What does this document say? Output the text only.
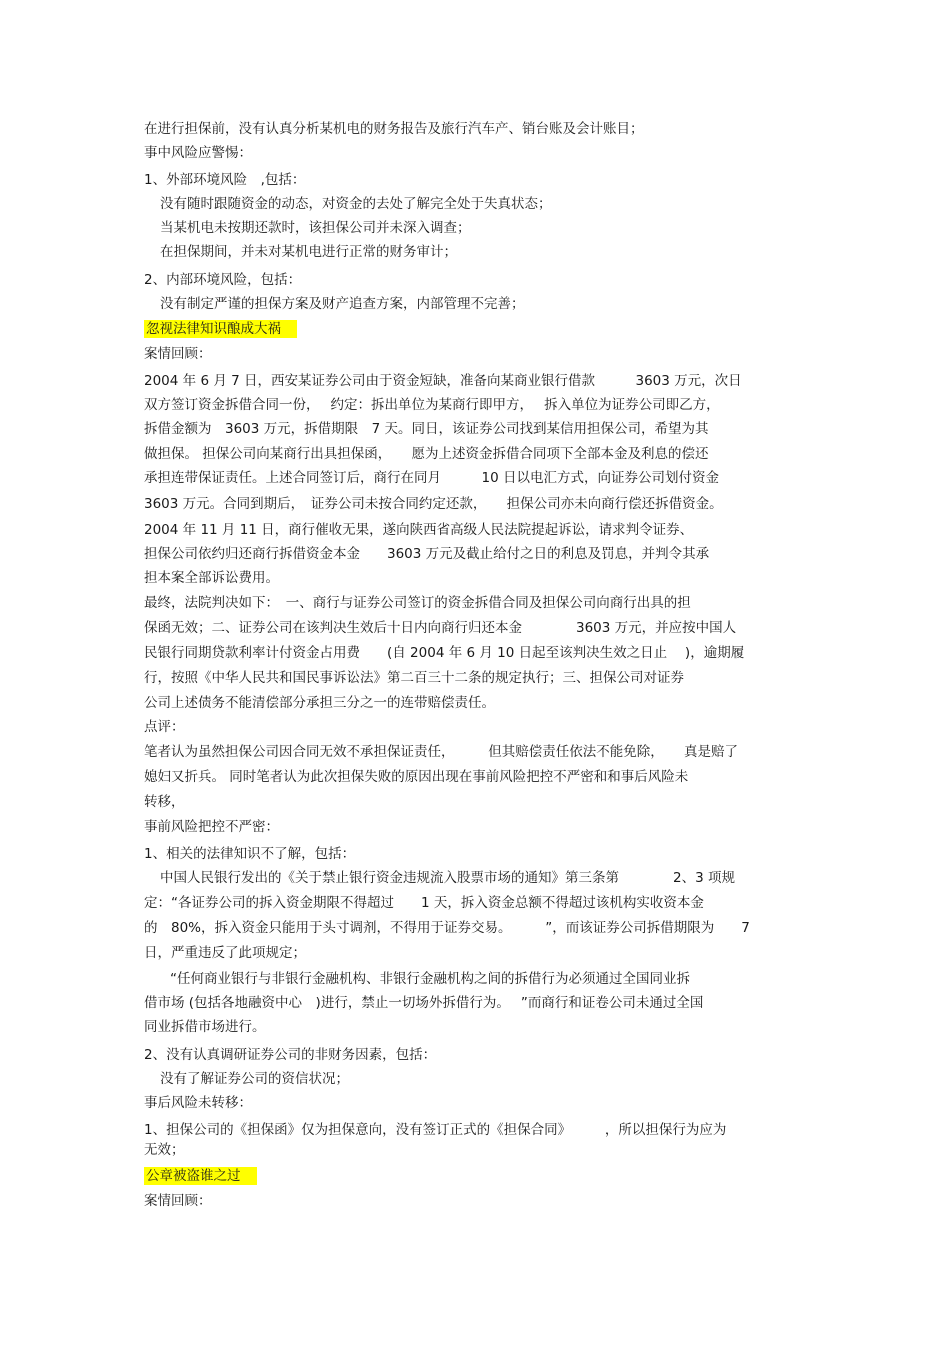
在进行担保前，没有认真分析某机电的财务报告及旅行汽车产、销台账及会计账目；
事中风险应警惕：
1、外部环境风险　,包括：
没有随时跟随资金的动态，对资金的去处了解完全处于失真状态；
当某机电未按期还款时，该担保公司并未深入调查；
在担保期间，并未对某机电进行正常的财务审计；
2、内部环境风险，包括：
没有制定严谨的担保方案及财产追查方案，内部管理不完善；
忽视法律知识酿成大祸
案情回顾：
2004 年 6 月 7 日，西安某证券公司由于资金短缺，准备向某商业银行借款　　　3603 万元，次日
双方签订资金拆借合同一份，　 约定：拆出单位为某商行即甲方，　 拆入单位为证券公司即乙方，
拆借金额为　3603 万元，拆借期限　7 天。同日，该证券公司找到某信用担保公司，希望为其
做担保。 担保公司向某商行出具担保函，　　愿为上述资金拆借合同项下全部本金及利息的偿还
承担连带保证责任。上述合同签订后，商行在同月　　　10 日以电汇方式，向证券公司划付资金
3603 万元。合同到期后，　证券公司未按合同约定还款，　　担保公司亦未向商行偿还拆借资金。
2004 年 11 月 11 日，商行催收无果，遂向陕西省高级人民法院提起诉讼，请求判令证券、
担保公司依约归还商行拆借资金本金　　3603 万元及截止给付之日的利息及罚息，并判令其承
担本案全部诉讼费用。
最终，法院判决如下：　一、商行与证券公司签订的资金拆借合同及担保公司向商行出具的担
保函无效；二、证券公司在该判决生效后十日内向商行归还本金　　　　3603 万元，并应按中国人
民银行同期贷款利率计付资金占用费　　(自 2004 年 6 月 10 日起至该判决生效之日止　 )，逾期履
行，按照《中华人民共和国民事诉讼法》第二百三十二条的规定执行；三、担保公司对证券
公司上述债务不能清偿部分承担三分之一的连带赔偿责任。
点评：
笔者认为虽然担保公司因合同无效不承担保证责任，　　　但其赔偿责任依法不能免除，　　真是赔了
媳妇又折兵。 同时笔者认为此次担保失败的原因出现在事前风险把控不严密和和事后风险未
转移，
事前风险把控不严密：
1、相关的法律知识不了解，包括：
中国人民银行发出的《关于禁止银行资金违规流入股票市场的通知》第三条第　　　　2、3 项规
定：“各证券公司的拆入资金期限不得超过　　1 天，拆入资金总额不得超过该机构实收资本金
的　80%，拆入资金只能用于头寸调剂，不得用于证券交易。　　　”，而该证券公司拆借期限为　　7
日，严重违反了此项规定；
“任何商业银行与非银行金融机构、非银行金融机构之间的拆借行为必须通过全国同业拆
借市场 (包括各地融资中心　)进行，禁止一切场外拆借行为。　 ”而商行和证卷公司未通过全国
同业拆借市场进行。
2、没有认真调研证券公司的非财务因素，包括：
没有了解证券公司的资信状况；
事后风险未转移：
1、担保公司的《担保函》仅为担保意向，没有签订正式的《担保合同》　　　，所以担保行为应为
无效；
公章被盗谁之过
案情回顾：
